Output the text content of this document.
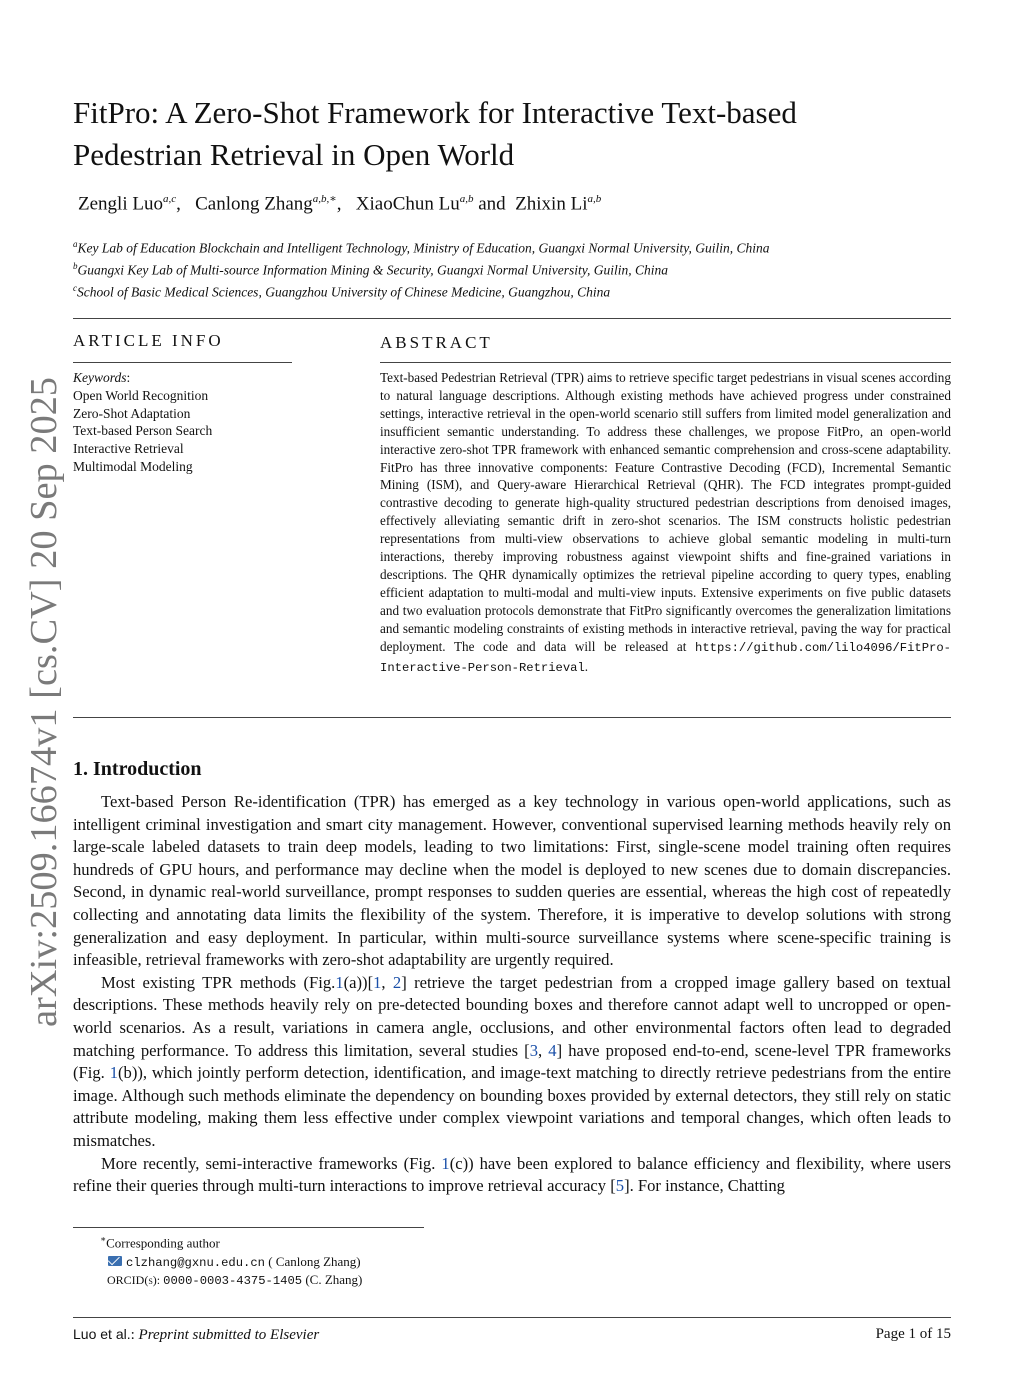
FitPro: A Zero-Shot Framework for Interactive Text-based
Pedestrian Retrieval in Open World
Zengli Luo$^{a,c}$,   Canlong Zhang$^{a,b,∗}$,   XiaoChun Lu$^{a,b}$ and Zhixin Li$^{a,b}$
$^a$Key Lab of Education Blockchain and Intelligent Technology, Ministry of Education, Guangxi Normal University, Guilin, China
$^b$Guangxi Key Lab of Multi-source Information Mining & Security, Guangxi Normal University, Guilin, China
$^c$School of Basic Medical Sciences, Guangzhou University of Chinese Medicine, Guangzhou, China
ARTICLE INFO
Keywords:
Open World Recognition
Zero-Shot Adaptation
Text-based Person Search
Interactive Retrieval
Multimodal Modeling
ABSTRACT
Text-based Pedestrian Retrieval (TPR) aims to retrieve specific target pedestrians in visual scenes according to natural language descriptions. Although existing methods have achieved progress under constrained settings, interactive retrieval in the open-world scenario still suffers from limited model generalization and insufficient semantic understanding. To address these challenges, we propose FitPro, an open-world interactive zero-shot TPR framework with enhanced semantic comprehension and cross-scene adaptability. FitPro has three innovative components: Feature Contrastive Decoding (FCD), Incremental Semantic Mining (ISM), and Query-aware Hierarchical Retrieval (QHR). The FCD integrates prompt-guided contrastive decoding to generate high-quality structured pedestrian descriptions from denoised images, effectively alleviating semantic drift in zero-shot scenarios. The ISM constructs holistic pedestrian representations from multi-view observations to achieve global semantic modeling in multi-turn interactions, thereby improving robustness against viewpoint shifts and fine-grained variations in descriptions. The QHR dynamically optimizes the retrieval pipeline according to query types, enabling efficient adaptation to multi-modal and multi-view inputs. Extensive experiments on five public datasets and two evaluation protocols demonstrate that FitPro significantly overcomes the generalization limitations and semantic modeling constraints of existing methods in interactive retrieval, paving the way for practical deployment. The code and data will be released at https://github.com/lilo4096/FitPro-Interactive-Person-Retrieval.
arXiv:2509.16674v1 [cs.CV] 20 Sep 2025 1. Introduction

Text-based Person Re-identification (TPR) has emerged as a key technology in various open-world applications, such as intelligent criminal investigation and smart city management. However, conventional supervised learning methods heavily rely on large-scale labeled datasets to train deep models, leading to two limitations: First, single-scene model training often requires hundreds of GPU hours, and performance may decline when the model is deployed to new scenes due to domain discrepancies. Second, in dynamic real-world surveillance, prompt responses to sudden queries are essential, whereas the high cost of repeatedly collecting and annotating data limits the flexibility of the system. Therefore, it is imperative to develop solutions with strong generalization and easy deployment. In particular, within multi-source surveillance systems where scene-specific training is infeasible, retrieval frameworks with zero-shot adaptability are urgently required.

Most existing TPR methods (Fig.1(a))[1, 2] retrieve the target pedestrian from a cropped image gallery based on textual descriptions. These methods heavily rely on pre-detected bounding boxes and therefore cannot adapt well to uncropped or open-world scenarios. As a result, variations in camera angle, occlusions, and other environmental factors often lead to degraded matching performance. To address this limitation, several studies [3, 4] have proposed end-to-end, scene-level TPR frameworks (Fig. 1(b)), which jointly perform detection, identification, and image-text matching to directly retrieve pedestrians from the entire image. Although such methods eliminate the dependency on bounding boxes provided by external detectors, they still rely on static attribute modeling, making them less effective under complex viewpoint variations and temporal changes, which often leads to mismatches.

More recently, semi-interactive frameworks (Fig. 1(c)) have been explored to balance efficiency and flexibility, where users refine their queries through multi-turn interactions to improve retrieval accuracy [5]. For instance, Chatting

∗Corresponding author
clzhang@gxnu.edu.cn ( Canlong Zhang)
ORCID(s): 0000-0003-4375-1405 (C. Zhang)
Luo et al.: Preprint submitted to Elsevier	Page 1 of 15
